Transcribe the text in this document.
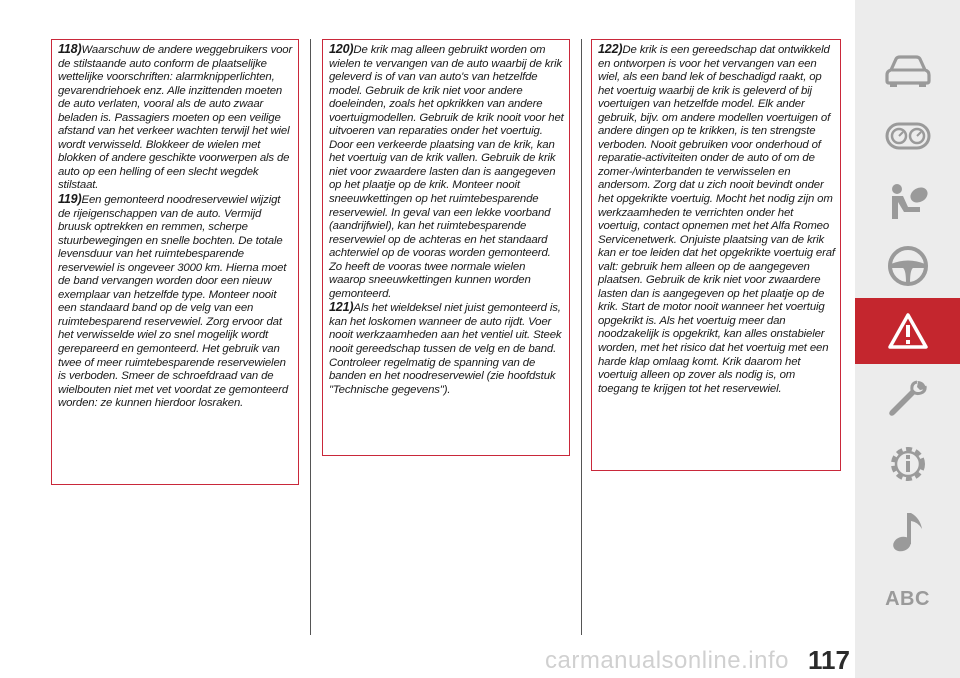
118)Waarschuw de andere weggebruikers voor de stilstaande auto conform de plaatselijke wettelijke voorschriften: alarmknipperlichten, gevarendriehoek enz. Alle inzittenden moeten de auto verlaten, vooral als de auto zwaar beladen is. Passagiers moeten op een veilige afstand van het verkeer wachten terwijl het wiel wordt verwisseld. Blokkeer de wielen met blokken of andere geschikte voorwerpen als de auto op een helling of een slecht wegdek stilstaat.

119)Een gemonteerd noodreservewiel wijzigt de rijeigenschappen van de auto. Vermijd bruusk optrekken en remmen, scherpe stuurbewegingen en snelle bochten. De totale levensduur van het ruimtebesparende reservewiel is ongeveer 3000 km. Hierna moet de band vervangen worden door een nieuw exemplaar van hetzelfde type. Monteer nooit een standaard band op de velg van een ruimtebesparend reservewiel. Zorg ervoor dat het verwisselde wiel zo snel mogelijk wordt gerepareerd en gemonteerd. Het gebruik van twee of meer ruimtebesparende reservewielen is verboden. Smeer de schroefdraad van de wielbouten niet met vet voordat ze gemonteerd worden: ze kunnen hierdoor losraken.

120)De krik mag alleen gebruikt worden om wielen te vervangen van de auto waarbij de krik geleverd is of van van auto's van hetzelfde model. Gebruik de krik niet voor andere doeleinden, zoals het opkrikken van andere voertuigmodellen. Gebruik de krik nooit voor het uitvoeren van reparaties onder het voertuig. Door een verkeerde plaatsing van de krik, kan het voertuig van de krik vallen. Gebruik de krik niet voor zwaardere lasten dan is aangegeven op het plaatje op de krik. Monteer nooit sneeuwkettingen op het ruimtebesparende reservewiel. In geval van een lekke voorband (aandrijfwiel), kan het ruimtebesparende reservewiel op de achteras en het standaard achterwiel op de vooras worden gemonteerd. Zo heeft de vooras twee normale wielen waarop sneeuwkettingen kunnen worden gemonteerd.

121)Als het wieldeksel niet juist gemonteerd is, kan het loskomen wanneer de auto rijdt. Voer nooit werkzaamheden aan het ventiel uit. Steek nooit gereedschap tussen de velg en de band. Controleer regelmatig de spanning van de banden en het noodreservewiel (zie hoofdstuk "Technische gegevens").

122)De krik is een gereedschap dat ontwikkeld en ontworpen is voor het vervangen van een wiel, als een band lek of beschadigd raakt, op het voertuig waarbij de krik is geleverd of bij voertuigen van hetzelfde model. Elk ander gebruik, bijv. om andere modellen voertuigen of andere dingen op te krikken, is ten strengste verboden. Nooit gebruiken voor onderhoud of reparatie-activiteiten onder de auto of om de zomer-/winterbanden te verwisselen en andersom. Zorg dat u zich nooit bevindt onder het opgekrikte voertuig. Mocht het nodig zijn om werkzaamheden te verrichten onder het voertuig, contact opnemen met het Alfa Romeo Servicenetwerk. Onjuiste plaatsing van de krik kan er toe leiden dat het opgekrikte voertuig eraf valt: gebruik hem alleen op de aangegeven plaatsen. Gebruik de krik niet voor zwaardere lasten dan is aangegeven op het plaatje op de krik. Start de motor nooit wanneer het voertuig opgekrikt is. Als het voertuig meer dan noodzakelijk is opgekrikt, kan alles onstabieler worden, met het risico dat het voertuig met een harde klap omlaag komt. Krik daarom het voertuig alleen op zover als nodig is, om toegang te krijgen tot het reservewiel.

ABC
carmanualsonline.info 117
